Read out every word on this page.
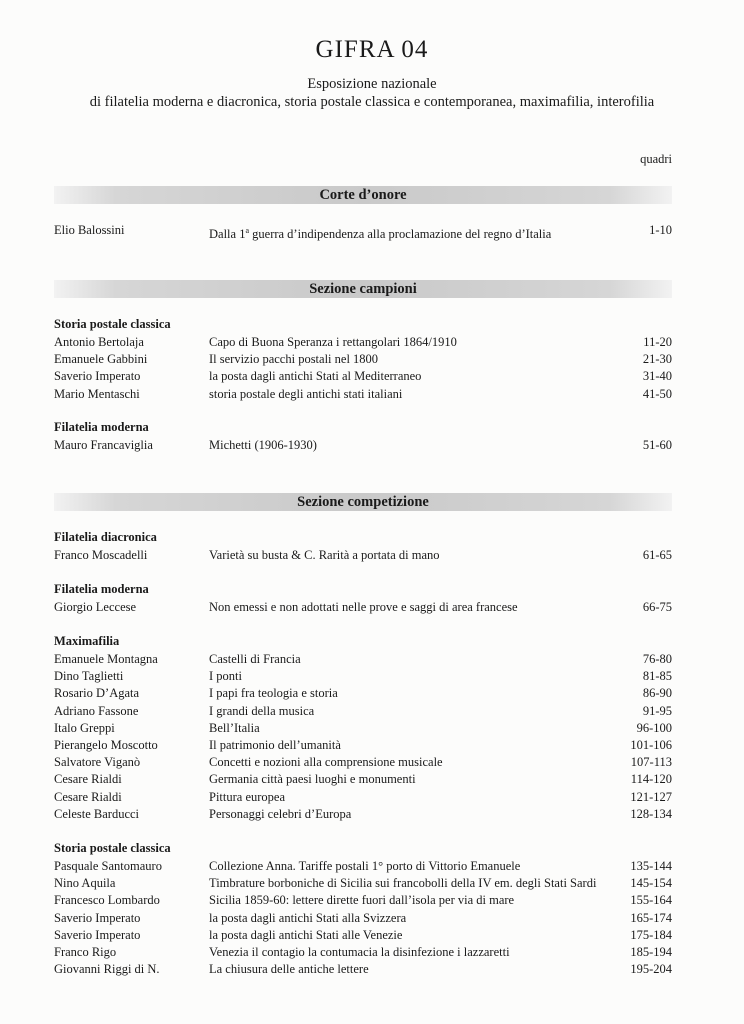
GIFRA 04
Esposizione nazionale
di filatelia moderna e diacronica, storia postale classica e contemporanea, maximafilia, interofilia
quadri
Corte d’onore
Elio Balossini	Dalla 1$^a$ guerra d’indipendenza alla proclamazione del regno d’Italia	1-10
Sezione campioni
Storia postale classica
Antonio Bertolaja	Capo di Buona Speranza i rettangolari 1864/1910	11-20
Emanuele Gabbini	Il servizio pacchi postali nel 1800	21-30
Saverio Imperato	la posta dagli antichi Stati al Mediterraneo	31-40
Mario Mentaschi	storia postale degli antichi stati italiani	41-50
Filatelia moderna
Mauro Francaviglia	Michetti (1906-1930)	51-60
Sezione competizione
Filatelia diacronica
Franco Moscadelli	Varietà su busta & C. Rarità a portata di mano	61-65
Filatelia moderna
Giorgio Leccese	Non emessi e non adottati nelle prove e saggi di area francese	66-75
Maximafilia
Emanuele Montagna	Castelli di Francia	76-80
Dino Taglietti	I ponti	81-85
Rosario D’Agata	I papi fra teologia e storia	86-90
Adriano Fassone	I grandi della musica	91-95
Italo Greppi	Bell’Italia	96-100
Pierangelo Moscotto	Il patrimonio dell’umanità	101-106
Salvatore Viganò	Concetti e nozioni alla comprensione musicale	107-113
Cesare Rialdi	Germania città paesi luoghi e monumenti	114-120
Cesare Rialdi	Pittura europea	121-127
Celeste Barducci	Personaggi celebri d’Europa	128-134
Storia postale classica
Pasquale Santomauro	Collezione Anna. Tariffe postali 1° porto di Vittorio Emanuele	135-144
Nino Aquila	Timbrature borboniche di Sicilia sui francobolli della IV em. degli Stati Sardi	145-154
Francesco Lombardo	Sicilia 1859-60: lettere dirette fuori dall’isola per via di mare	155-164
Saverio Imperato	la posta dagli antichi Stati alla Svizzera	165-174
Saverio Imperato	la posta dagli antichi Stati alle Venezie	175-184
Franco Rigo	Venezia il contagio la contumacia la disinfezione i lazzaretti	185-194
Giovanni Riggi di N.	La chiusura delle antiche lettere	195-204
